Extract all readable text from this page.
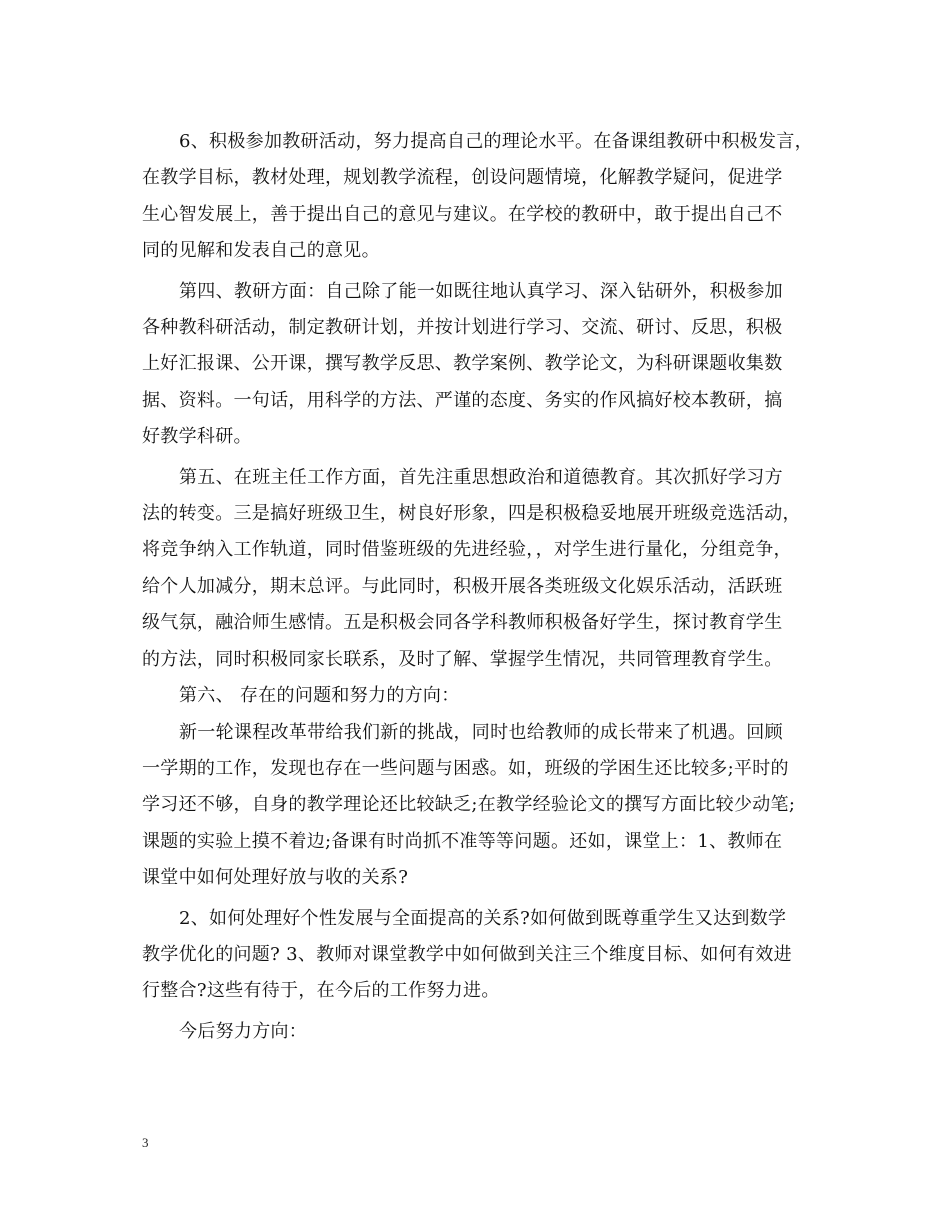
6、积极参加教研活动，努力提高自己的理论水平。在备课组教研中积极发言，
在教学目标，教材处理，规划教学流程，创设问题情境，化解教学疑问，促进学
生心智发展上，善于提出自己的意见与建议。在学校的教研中，敢于提出自己不
同的见解和发表自己的意见。

第四、教研方面：自己除了能一如既往地认真学习、深入钻研外，积极参加
各种教科研活动，制定教研计划，并按计划进行学习、交流、研讨、反思，积极
上好汇报课、公开课，撰写教学反思、教学案例、教学论文，为科研课题收集数
据、资料。一句话，用科学的方法、严谨的态度、务实的作风搞好校本教研，搞
好教学科研。

第五、在班主任工作方面，首先注重思想政治和道德教育。其次抓好学习方
法的转变。三是搞好班级卫生，树良好形象，四是积极稳妥地展开班级竞选活动，
将竞争纳入工作轨道，同时借鉴班级的先进经验，，对学生进行量化，分组竞争，
给个人加减分，期末总评。与此同时，积极开展各类班级文化娱乐活动，活跃班
级气氛，融洽师生感情。五是积极会同各学科教师积极备好学生，探讨教育学生
的方法，同时积极同家长联系，及时了解、掌握学生情况，共同管理教育学生。

第六、 存在的问题和努力的方向：

新一轮课程改革带给我们新的挑战，同时也给教师的成长带来了机遇。回顾
一学期的工作，发现也存在一些问题与困惑。如，班级的学困生还比较多;平时的
学习还不够，自身的教学理论还比较缺乏;在教学经验论文的撰写方面比较少动笔;
课题的实验上摸不着边;备课有时尚抓不准等等问题。还如，课堂上：1、教师在
课堂中如何处理好放与收的关系?

2、如何处理好个性发展与全面提高的关系?如何做到既尊重学生又达到数学
教学优化的问题? 3、教师对课堂教学中如何做到关注三个维度目标、如何有效进
行整合?这些有待于，在今后的工作努力进。

今后努力方向：

3
